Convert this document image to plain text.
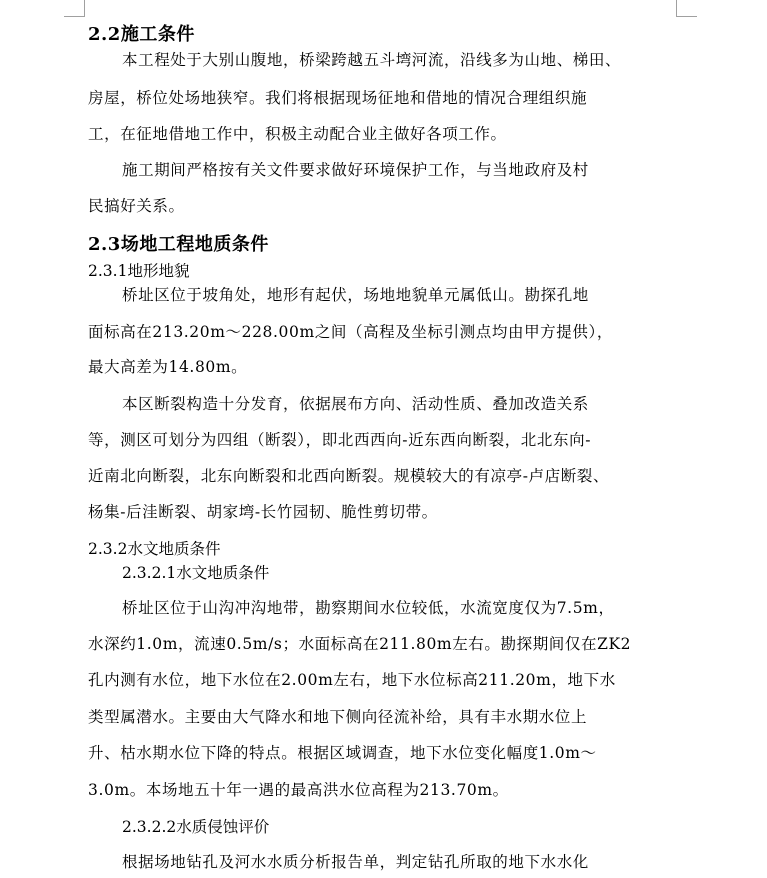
2.2施工条件
本工程处于大别山腹地，桥梁跨越五斗塆河流，沿线多为山地、梯田、
房屋，桥位处场地狭窄。我们将根据现场征地和借地的情况合理组织施
工，在征地借地工作中，积极主动配合业主做好各项工作。
施工期间严格按有关文件要求做好环境保护工作，与当地政府及村
民搞好关系。
2.3场地工程地质条件
2.3.1地形地貌
桥址区位于坡角处，地形有起伏，场地地貌单元属低山。勘探孔地
面标高在213.20m～228.00m之间（高程及坐标引测点均由甲方提供），
最大高差为14.80m。
本区断裂构造十分发育，依据展布方向、活动性质、叠加改造关系
等，测区可划分为四组（断裂），即北西西向-近东西向断裂，北北东向-
近南北向断裂，北东向断裂和北西向断裂。规模较大的有凉亭-卢店断裂、
杨集-后洼断裂、胡家塆-长竹园韧、脆性剪切带。
2.3.2水文地质条件
2.3.2.1水文地质条件
桥址区位于山沟冲沟地带，勘察期间水位较低，水流宽度仅为7.5m，
水深约1.0m，流速0.5m/s；水面标高在211.80m左右。勘探期间仅在ZK2
孔内测有水位，地下水位在2.00m左右，地下水位标高211.20m，地下水
类型属潜水。主要由大气降水和地下侧向径流补给，具有丰水期水位上
升、枯水期水位下降的特点。根据区域调查，地下水位变化幅度1.0m～
3.0m。本场地五十年一遇的最高洪水位高程为213.70m。
2.3.2.2水质侵蚀评价
根据场地钻孔及河水水质分析报告单，判定钻孔所取的地下水水化
